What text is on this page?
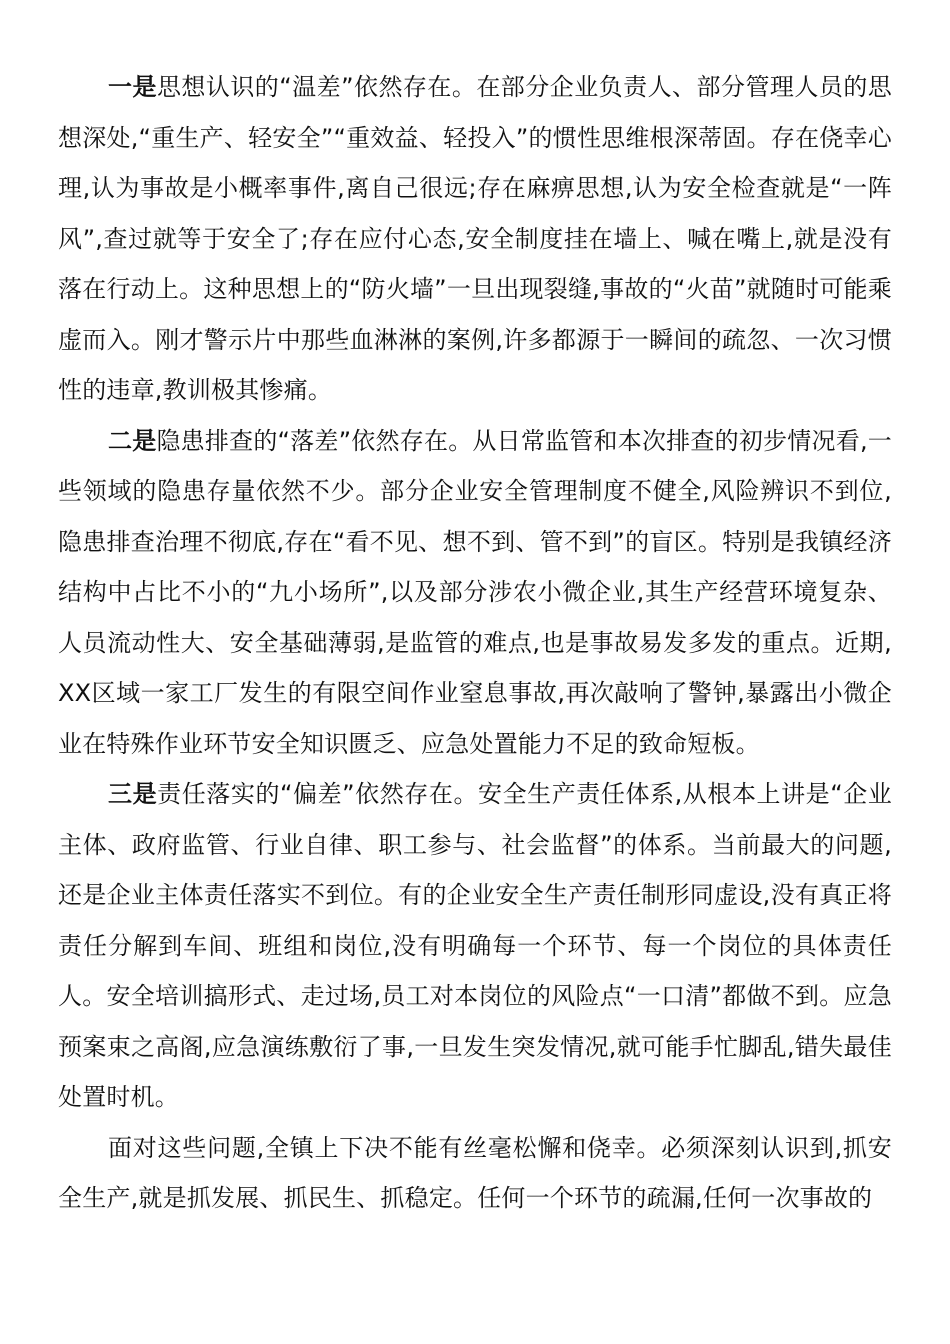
一是思想认识的“温差”依然存在。在部分企业负责人、部分管理人员的思想深处,“重生产、轻安全”“重效益、轻投入”的惯性思维根深蒂固。存在侥幸心理,认为事故是小概率事件,离自己很远;存在麻痹思想,认为安全检查就是“一阵风”,查过就等于安全了;存在应付心态,安全制度挂在墙上、喊在嘴上,就是没有落在行动上。这种思想上的“防火墙”一旦出现裂缝,事故的“火苗”就随时可能乘虚而入。刚才警示片中那些血淋淋的案例,许多都源于一瞬间的疏忽、一次习惯性的违章,教训极其惨痛。

二是隐患排查的“落差”依然存在。从日常监管和本次排查的初步情况看,一些领域的隐患存量依然不少。部分企业安全管理制度不健全,风险辨识不到位,隐患排查治理不彻底,存在“看不见、想不到、管不到”的盲区。特别是我镇经济结构中占比不小的“九小场所”,以及部分涉农小微企业,其生产经营环境复杂、人员流动性大、安全基础薄弱,是监管的难点,也是事故易发多发的重点。近期,XX区域一家工厂发生的有限空间作业窒息事故,再次敲响了警钟,暴露出小微企业在特殊作业环节安全知识匮乏、应急处置能力不足的致命短板。

三是责任落实的“偏差”依然存在。安全生产责任体系,从根本上讲是“企业主体、政府监管、行业自律、职工参与、社会监督”的体系。当前最大的问题,还是企业主体责任落实不到位。有的企业安全生产责任制形同虚设,没有真正将责任分解到车间、班组和岗位,没有明确每一个环节、每一个岗位的具体责任人。安全培训搞形式、走过场,员工对本岗位的风险点“一口清”都做不到。应急预案束之高阁,应急演练敷衍了事,一旦发生突发情况,就可能手忙脚乱,错失最佳处置时机。

面对这些问题,全镇上下决不能有丝毫松懈和侥幸。必须深刻认识到,抓安全生产,就是抓发展、抓民生、抓稳定。任何一个环节的疏漏,任何一次事故的
